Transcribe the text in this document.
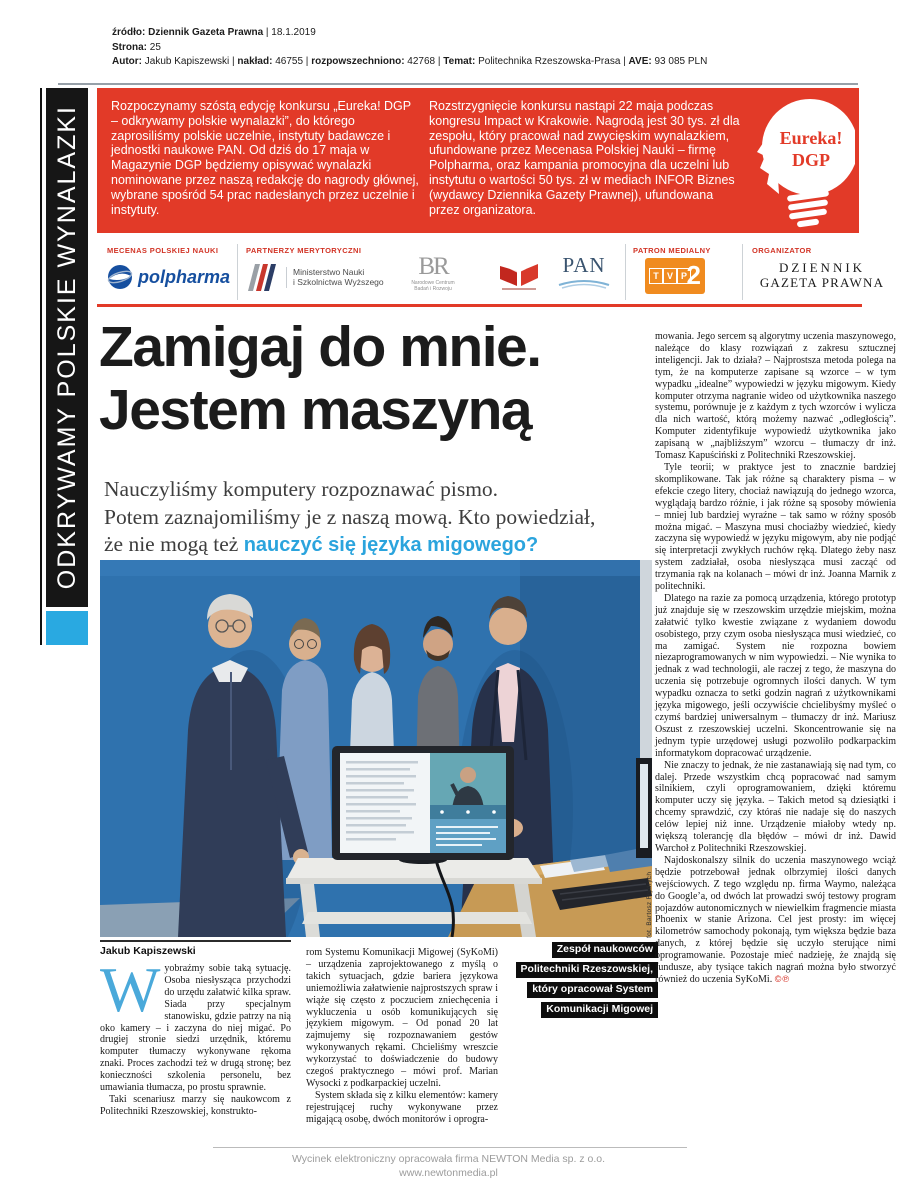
źródło: Dziennik Gazeta Prawna | 18.1.2019
Strona: 25
Autor: Jakub Kapiszewski | nakład: 46755 | rozpowszechniono: 42768 | Temat: Politechnika Rzeszowska-Prasa | AVE: 93 085 PLN
ODKRYWAMY POLSKIE WYNALAZKI Rozpoczynamy szóstą edycję konkursu „Eureka! DGP – odkrywamy polskie wynalazki”, do którego zaprosiliśmy polskie uczelnie, instytuty badawcze i jednostki naukowe PAN. Od dziś do 17 maja w Magazynie DGP będziemy opisywać wynalazki nominowane przez naszą redakcję do nagrody głównej, wybrane spośród 54 prac nadesłanych przez uczelnie i instytuty.
Rozstrzygnięcie konkursu nastąpi 22 maja podczas kongresu Impact w Krakowie. Nagrodą jest 30 tys. zł dla zespołu, który pracował nad zwycięskim wynalazkiem, ufundowane przez Mecenasa Polskiej Nauki – firmę Polpharma, oraz kampania promocyjna dla uczelni lub instytutu o wartości 50 tys. zł w mediach INFOR Biznes (wydawcy Dziennika Gazety Prawnej), ufundowana przez organizatora.
Eureka!
DGP
MECENAS POLSKIEJ NAUKI	PARTNERZY MERYTORYCZNI	PATRON MEDIALNY	ORGANIZATOR
polpharma	Ministerstwo Nauki
i Szkolnictwa Wyższego
BR
Narodowe Centrum
Badań i Rozwoju
PAN	T V P 2	DZIENNIK
GAZETA PRAWNA
Zamigaj do mnie.
Jestem maszyną
Nauczyliśmy komputery rozpoznawać pismo.
Potem zaznajomiliśmy je z naszą mową. Kto powiedział,
że nie mogą też nauczyć się języka migowego?
fot. Bartosz Frydrych
Zespół naukowców
Politechniki Rzeszowskiej,
który opracował System
Komunikacji Migowej
Jakub Kapiszewski

Wyobraźmy sobie taką sytuację. Osoba niesłysząca przychodzi do urzędu załatwić kilka spraw. Siada przy specjalnym stanowisku, gdzie patrzy na nią oko kamery – i zaczyna do niej migać. Po drugiej stronie siedzi urzędnik, któremu komputer tłumaczy wykonywane rękoma znaki. Proces zachodzi też w drugą stronę; bez konieczności szkolenia personelu, bez umawiania tłumacza, po prostu sprawnie.

Taki scenariusz marzy się naukowcom z Politechniki Rzeszowskiej, konstrukto-

rom Systemu Komunikacji Migowej (SyKoMi) – urządzenia zaprojektowanego z myślą o takich sytuacjach, gdzie bariera językowa uniemożliwia załatwienie najprostszych spraw i wiąże się często z poczuciem zniechęcenia i wykluczenia u osób komunikujących się językiem migowym. – Od ponad 20 lat zajmujemy się rozpoznawaniem gestów wykonywanych rękami. Chcieliśmy wreszcie wykorzystać to doświadczenie do budowy czegoś praktycznego – mówi prof. Marian Wysocki z podkarpackiej uczelni.

System składa się z kilku elementów: kamery rejestrującej ruchy wykonywane przez migającą osobę, dwóch monitorów i oprogra-

mowania. Jego sercem są algorytmy uczenia maszynowego, należące do klasy rozwiązań z zakresu sztucznej inteligencji. Jak to działa? – Najprostsza metoda polega na tym, że na komputerze zapisane są wzorce – w tym wypadku „idealne” wypowiedzi w języku migowym. Kiedy komputer otrzyma nagranie wideo od użytkownika naszego systemu, porównuje je z każdym z tych wzorców i wylicza dla nich wartość, którą możemy nazwać „odległością”. Komputer zidentyfikuje wypowiedź użytkownika jako zapisaną w „najbliższym” wzorcu – tłumaczy dr inż. Tomasz Kapuściński z Politechniki Rzeszowskiej.

Tyle teorii; w praktyce jest to znacznie bardziej skomplikowane. Tak jak różne są charaktery pisma – w efekcie czego litery, chociaż nawiązują do jednego wzorca, wyglądają bardzo różnie, i jak różne są sposoby mówienia – mniej lub bardziej wyraźne – tak samo w różny sposób można migać. – Maszyna musi chociażby wiedzieć, kiedy zaczyna się wypowiedź w języku migowym, aby nie podjąć się interpretacji zwykłych ruchów ręką. Dlatego żeby nasz system zadziałał, osoba niesłysząca musi zacząć od trzymania rąk na kolanach – mówi dr inż. Joanna Marnik z politechniki.

Dlatego na razie za pomocą urządzenia, którego prototyp już znajduje się w rzeszowskim urzędzie miejskim, można załatwić tylko kwestie związane z wydaniem dowodu osobistego, przy czym osoba niesłysząca musi wiedzieć, co ma zamigać. System nie rozpozna bowiem niezaprogramowanych w nim wypowiedzi. – Nie wynika to jednak z wad technologii, ale raczej z tego, że maszyna do uczenia się potrzebuje ogromnych ilości danych. W tym wypadku oznacza to setki godzin nagrań z użytkownikami języka migowego, jeśli oczywiście chcielibyśmy myśleć o czymś bardziej uniwersalnym – tłumaczy dr inż. Mariusz Oszust z rzeszowskiej uczelni. Skoncentrowanie się na jednym typie urzędowej usługi pozwoliło podkarpackim informatykom dopracować urządzenie.

Nie znaczy to jednak, że nie zastanawiają się nad tym, co dalej. Przede wszystkim chcą popracować nad samym silnikiem, czyli oprogramowaniem, dzięki któremu komputer uczy się języka. – Takich metod są dziesiątki i chcemy sprawdzić, czy któraś nie nadaje się do naszych celów lepiej niż inne. Urządzenie miałoby wtedy np. większą tolerancję dla błędów – mówi dr inż. Dawid Warchoł z Politechniki Rzeszowskiej.

Najdoskonalszy silnik do uczenia maszynowego wciąż będzie potrzebował jednak olbrzymiej ilości danych wejściowych. Z tego względu np. firma Waymo, należąca do Google’a, od dwóch lat prowadzi swój testowy program pojazdów autonomicznych w niewielkim fragmencie miasta Phoenix w stanie Arizona. Cel jest prosty: im więcej kilometrów samochody pokonają, tym większa będzie baza danych, z której będzie się uczyło sterujące nimi oprogramowanie. Pozostaje mieć nadzieję, że znajdą się fundusze, aby tysiące takich nagrań można było stworzyć również do uczenia SyKoMi. ©℗

Wycinek elektroniczny opracowała firma NEWTON Media sp. z o.o.
www.newtonmedia.pl
